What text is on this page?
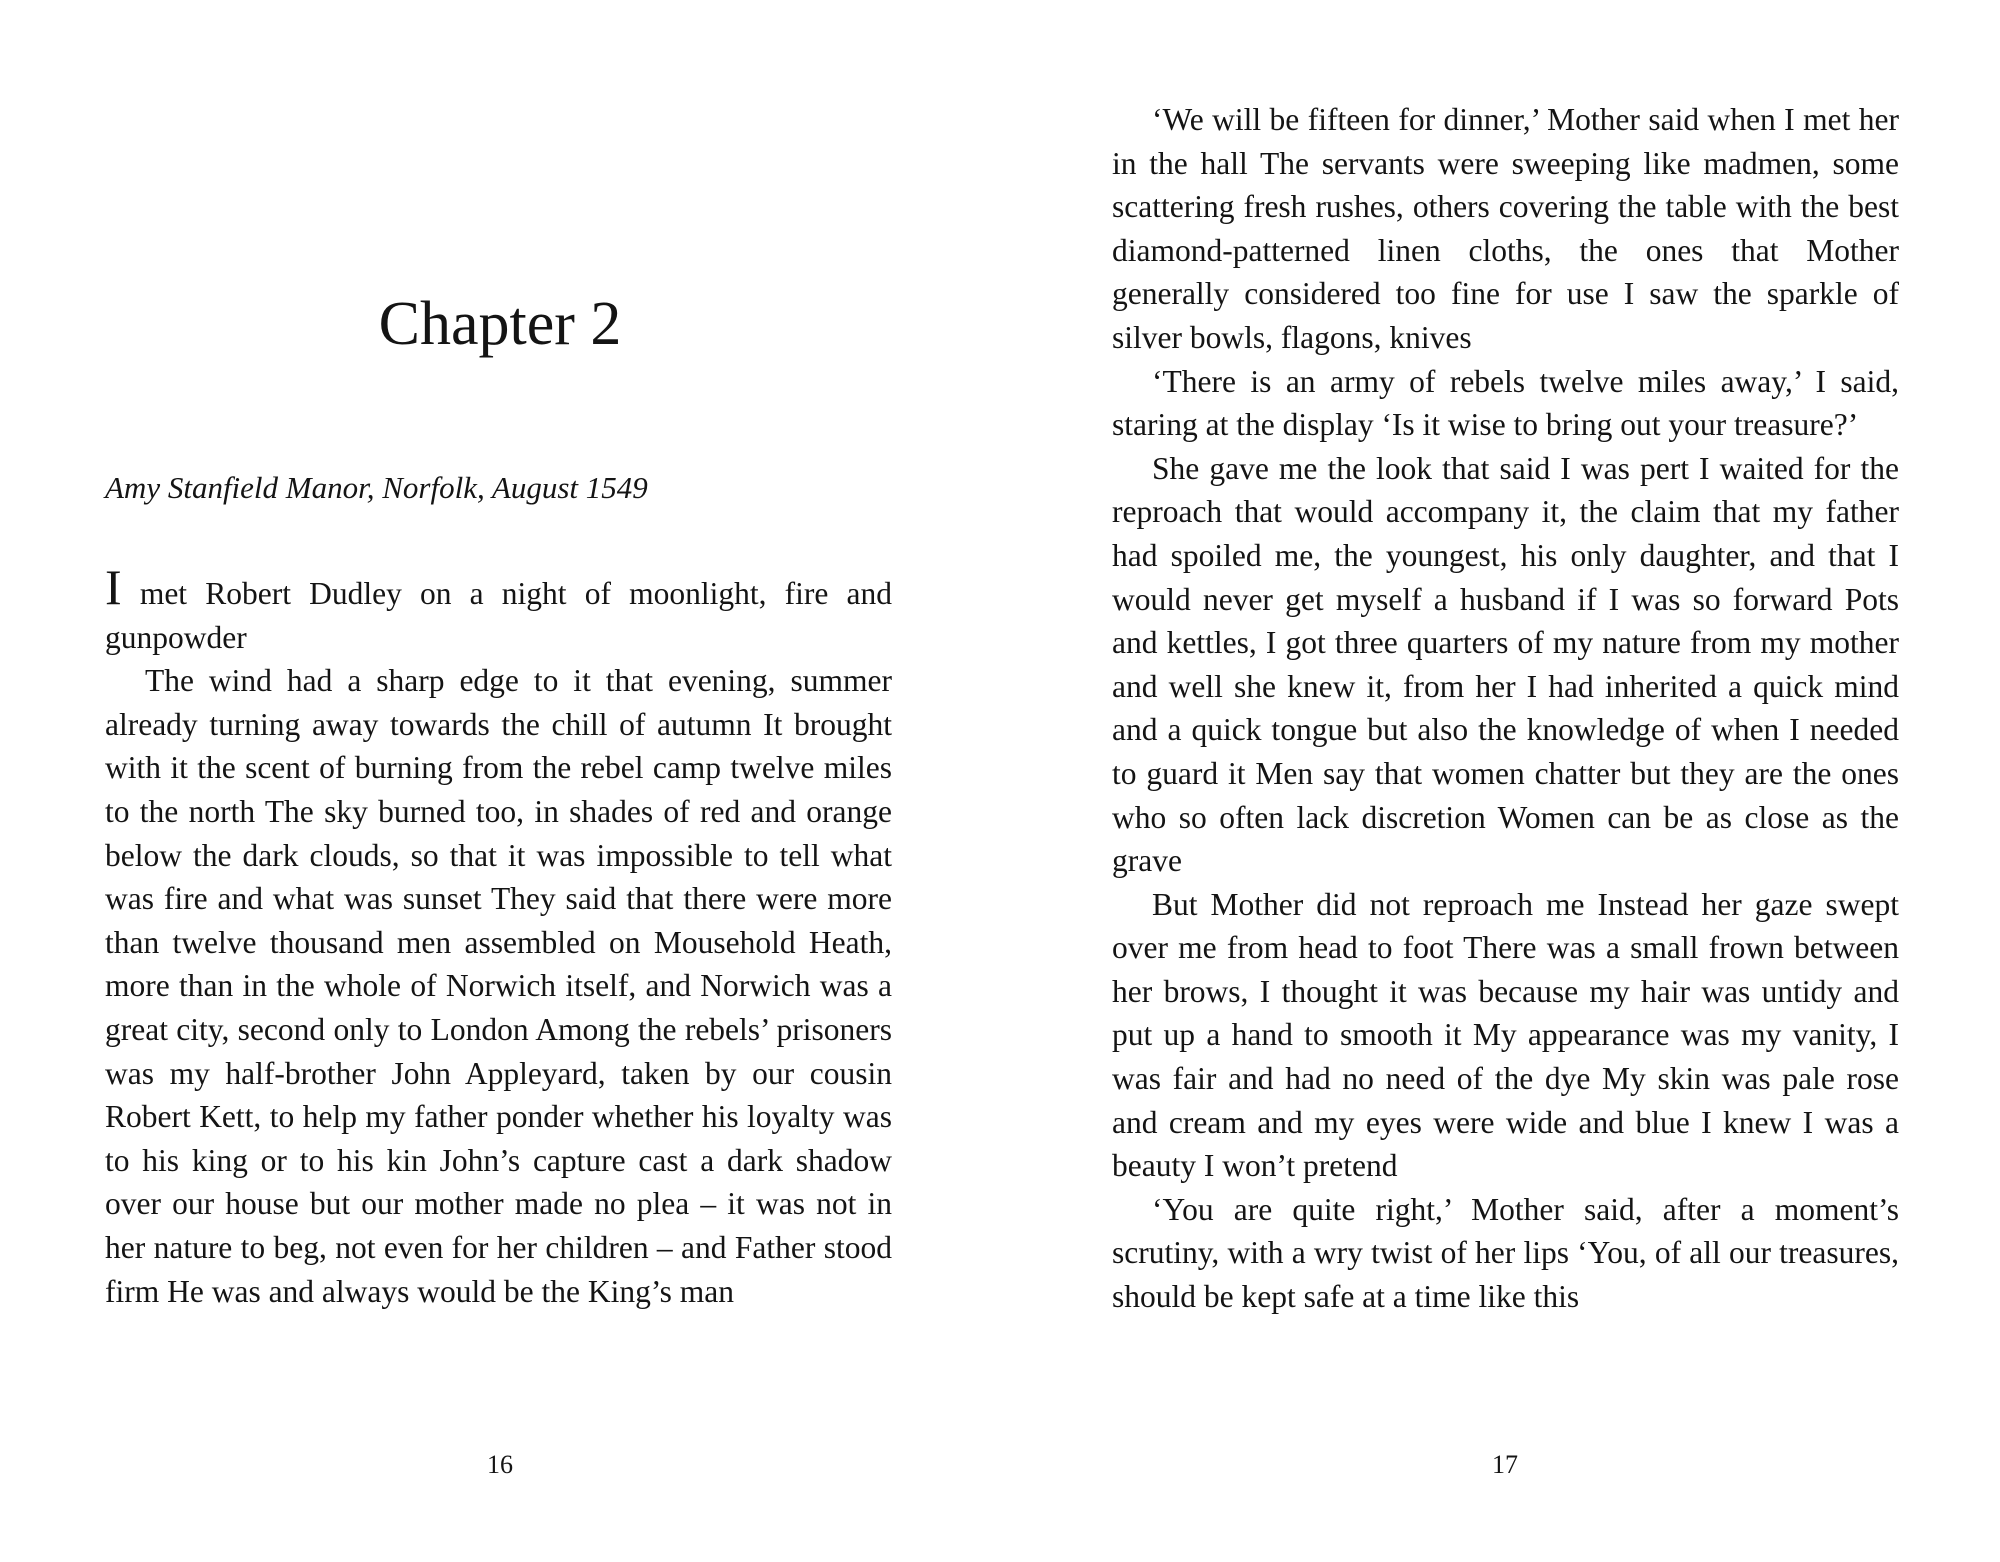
Chapter 2

Amy Stanfield Manor, Norfolk, August 1549

I met Robert Dudley on a night of moonlight, fire and gunpowder

The wind had a sharp edge to it that evening, summer already turning away towards the chill of autumn It brought with it the scent of burning from the rebel camp twelve miles to the north The sky burned too, in shades of red and orange below the dark clouds, so that it was impossible to tell what was fire and what was sunset They said that there were more than twelve thousand men assembled on Mousehold Heath, more than in the whole of Norwich itself, and Norwich was a great city, second only to London Among the rebels’ prisoners was my half-brother John Appleyard, taken by our cousin Robert Kett, to help my father ponder whether his loyalty was to his king or to his kin John’s capture cast a dark shadow over our house but our mother made no plea – it was not in her nature to beg, not even for her children – and Father stood firm He was and always would be the King’s man

16

‘We will be fifteen for dinner,’ Mother said when I met her in the hall The servants were sweeping like madmen, some scattering fresh rushes, others covering the table with the best diamond-patterned linen cloths, the ones that Mother generally considered too fine for use I saw the sparkle of silver bowls, flagons, knives

‘There is an army of rebels twelve miles away,’ I said, staring at the display ‘Is it wise to bring out your treasure?’

She gave me the look that said I was pert I waited for the reproach that would accompany it, the claim that my father had spoiled me, the youngest, his only daughter, and that I would never get myself a husband if I was so forward Pots and kettles, I got three quarters of my nature from my mother and well she knew it, from her I had inherited a quick mind and a quick tongue but also the knowledge of when I needed to guard it Men say that women chatter but they are the ones who so often lack discretion Women can be as close as the grave

But Mother did not reproach me Instead her gaze swept over me from head to foot There was a small frown between her brows, I thought it was because my hair was untidy and put up a hand to smooth it My appearance was my vanity, I was fair and had no need of the dye My skin was pale rose and cream and my eyes were wide and blue I knew I was a beauty I won’t pretend

‘You are quite right,’ Mother said, after a moment’s scrutiny, with a wry twist of her lips ‘You, of all our treasures, should be kept safe at a time like this

17
